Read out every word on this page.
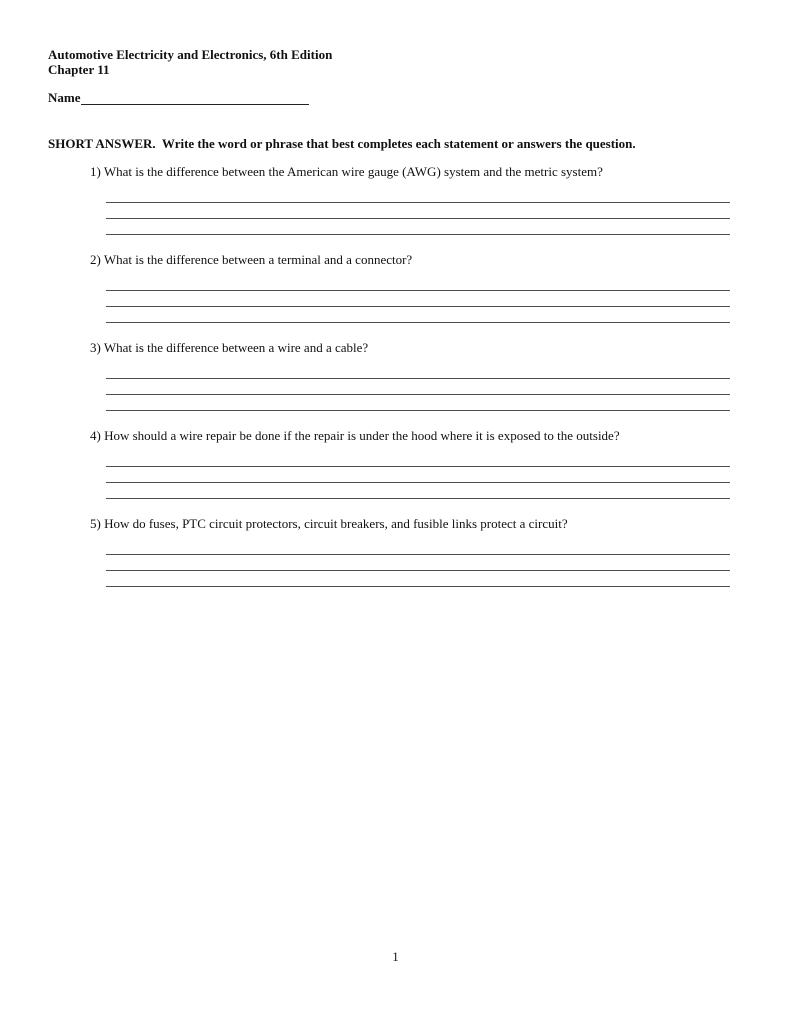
Automotive Electricity and Electronics, 6th Edition
Chapter 11
Name
SHORT ANSWER.  Write the word or phrase that best completes each statement or answers the question.

1) What is the difference between the American wire gauge (AWG) system and the metric system?

2) What is the difference between a terminal and a connector?

3) What is the difference between a wire and a cable?

4) How should a wire repair be done if the repair is under the hood where it is exposed to the outside?

5) How do fuses, PTC circuit protectors, circuit breakers, and fusible links protect a circuit?

1
